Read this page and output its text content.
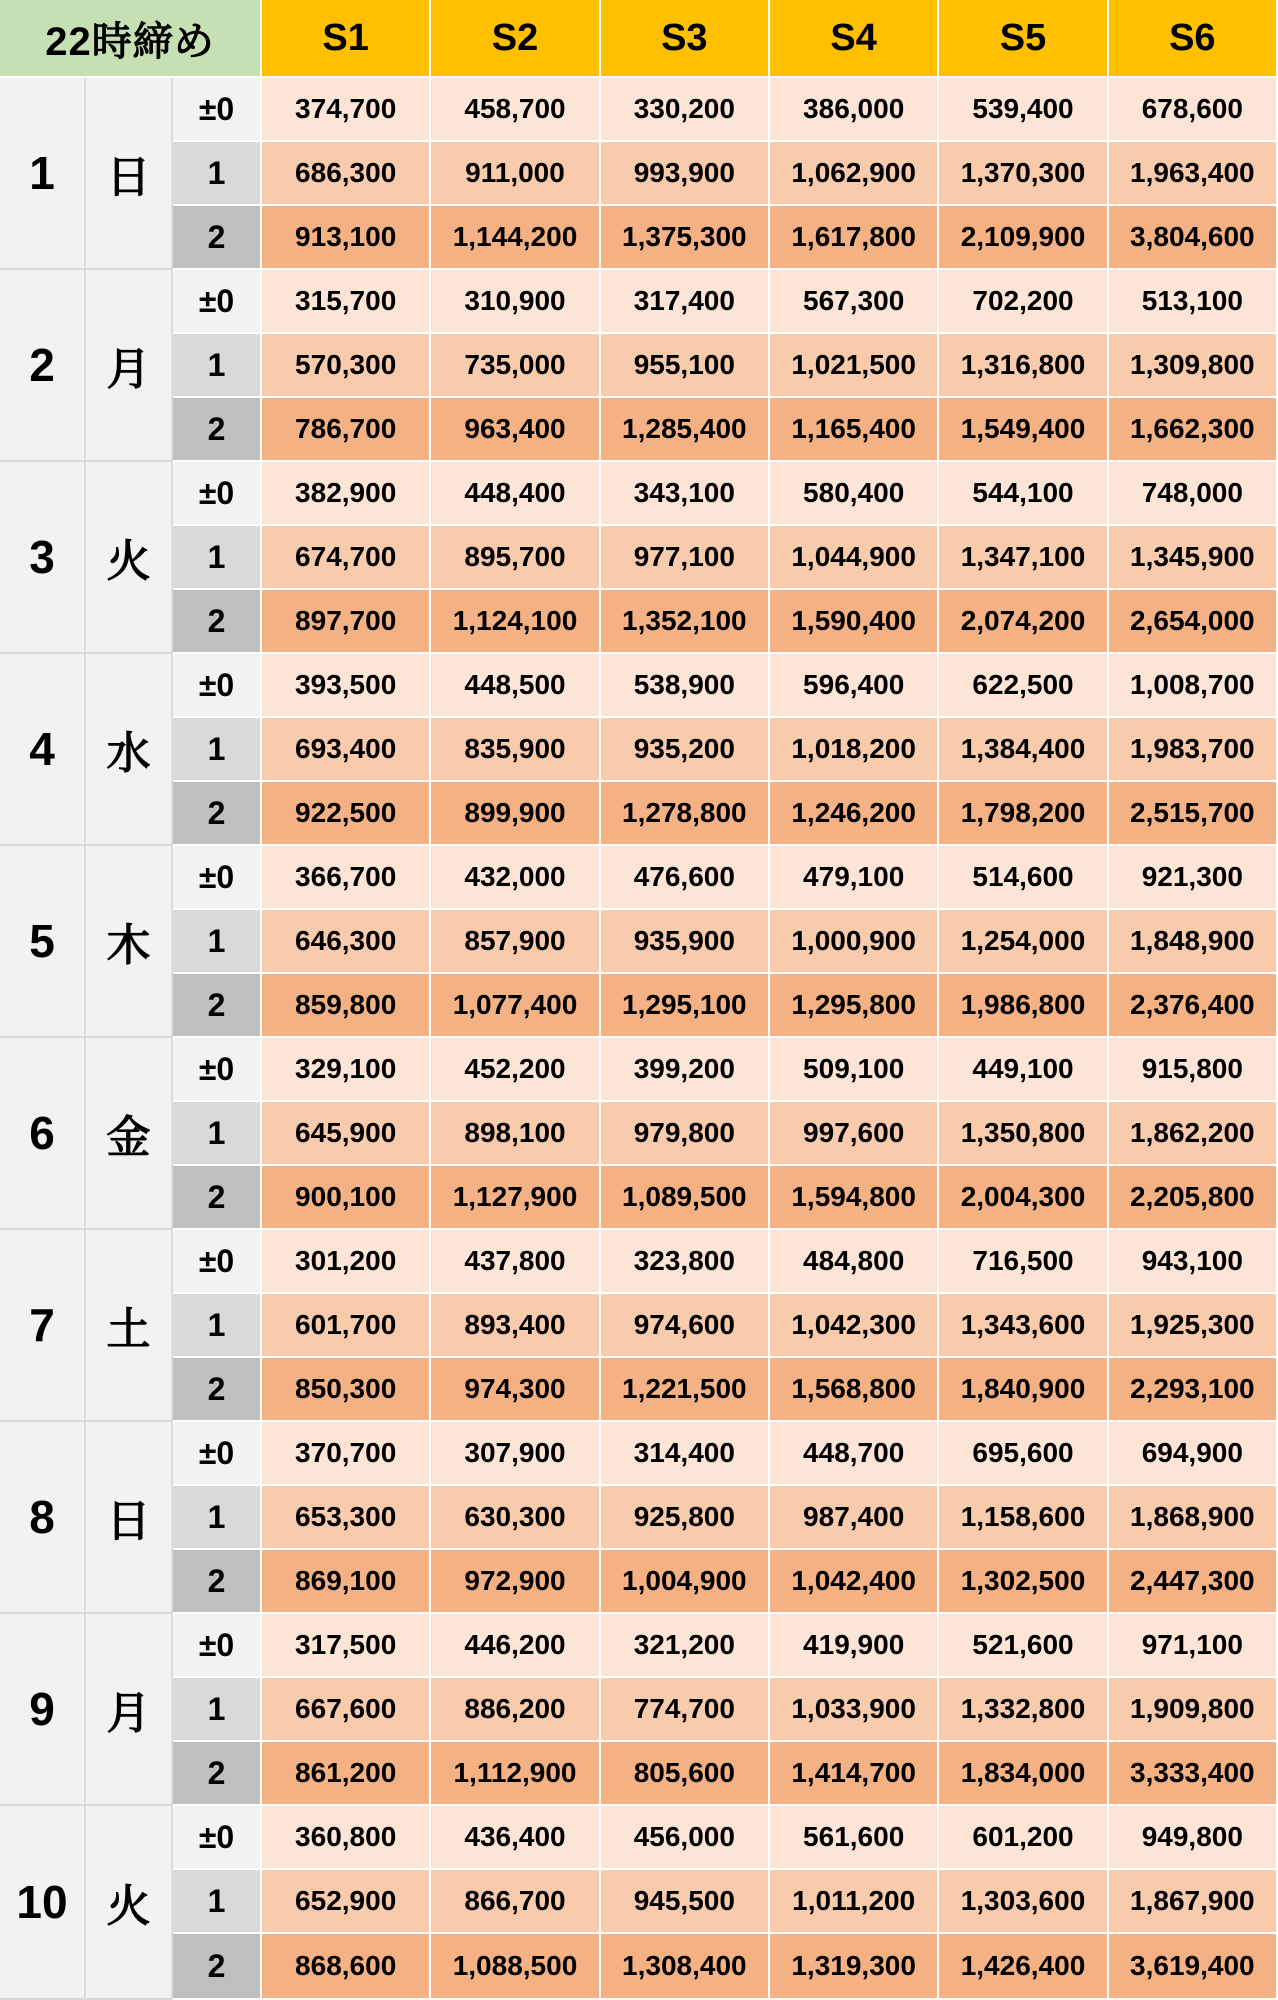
22時締め	S1	S2	S3	S4	S5	S6
1	日
±0	374,700	458,700	330,200	386,000	539,400	678,600
1	686,300	911,000	993,900	1,062,900	1,370,300	1,963,400
2	913,100	1,144,200	1,375,300	1,617,800	2,109,900	3,804,600
2	月
±0	315,700	310,900	317,400	567,300	702,200	513,100
1	570,300	735,000	955,100	1,021,500	1,316,800	1,309,800
2	786,700	963,400	1,285,400	1,165,400	1,549,400	1,662,300
3	火
±0	382,900	448,400	343,100	580,400	544,100	748,000
1	674,700	895,700	977,100	1,044,900	1,347,100	1,345,900
2	897,700	1,124,100	1,352,100	1,590,400	2,074,200	2,654,000
4	水
±0	393,500	448,500	538,900	596,400	622,500	1,008,700
1	693,400	835,900	935,200	1,018,200	1,384,400	1,983,700
2	922,500	899,900	1,278,800	1,246,200	1,798,200	2,515,700
5	木
±0	366,700	432,000	476,600	479,100	514,600	921,300
1	646,300	857,900	935,900	1,000,900	1,254,000	1,848,900
2	859,800	1,077,400	1,295,100	1,295,800	1,986,800	2,376,400
6	金
±0	329,100	452,200	399,200	509,100	449,100	915,800
1	645,900	898,100	979,800	997,600	1,350,800	1,862,200
2	900,100	1,127,900	1,089,500	1,594,800	2,004,300	2,205,800
7	土
±0	301,200	437,800	323,800	484,800	716,500	943,100
1	601,700	893,400	974,600	1,042,300	1,343,600	1,925,300
2	850,300	974,300	1,221,500	1,568,800	1,840,900	2,293,100
8	日
±0	370,700	307,900	314,400	448,700	695,600	694,900
1	653,300	630,300	925,800	987,400	1,158,600	1,868,900
2	869,100	972,900	1,004,900	1,042,400	1,302,500	2,447,300
9	月
±0	317,500	446,200	321,200	419,900	521,600	971,100
1	667,600	886,200	774,700	1,033,900	1,332,800	1,909,800
2	861,200	1,112,900	805,600	1,414,700	1,834,000	3,333,400
10 火
±0	360,800	436,400	456,000	561,600	601,200	949,800
1	652,900	866,700	945,500	1,011,200	1,303,600	1,867,900
2	868,600	1,088,500	1,308,400	1,319,300	1,426,400	3,619,400
